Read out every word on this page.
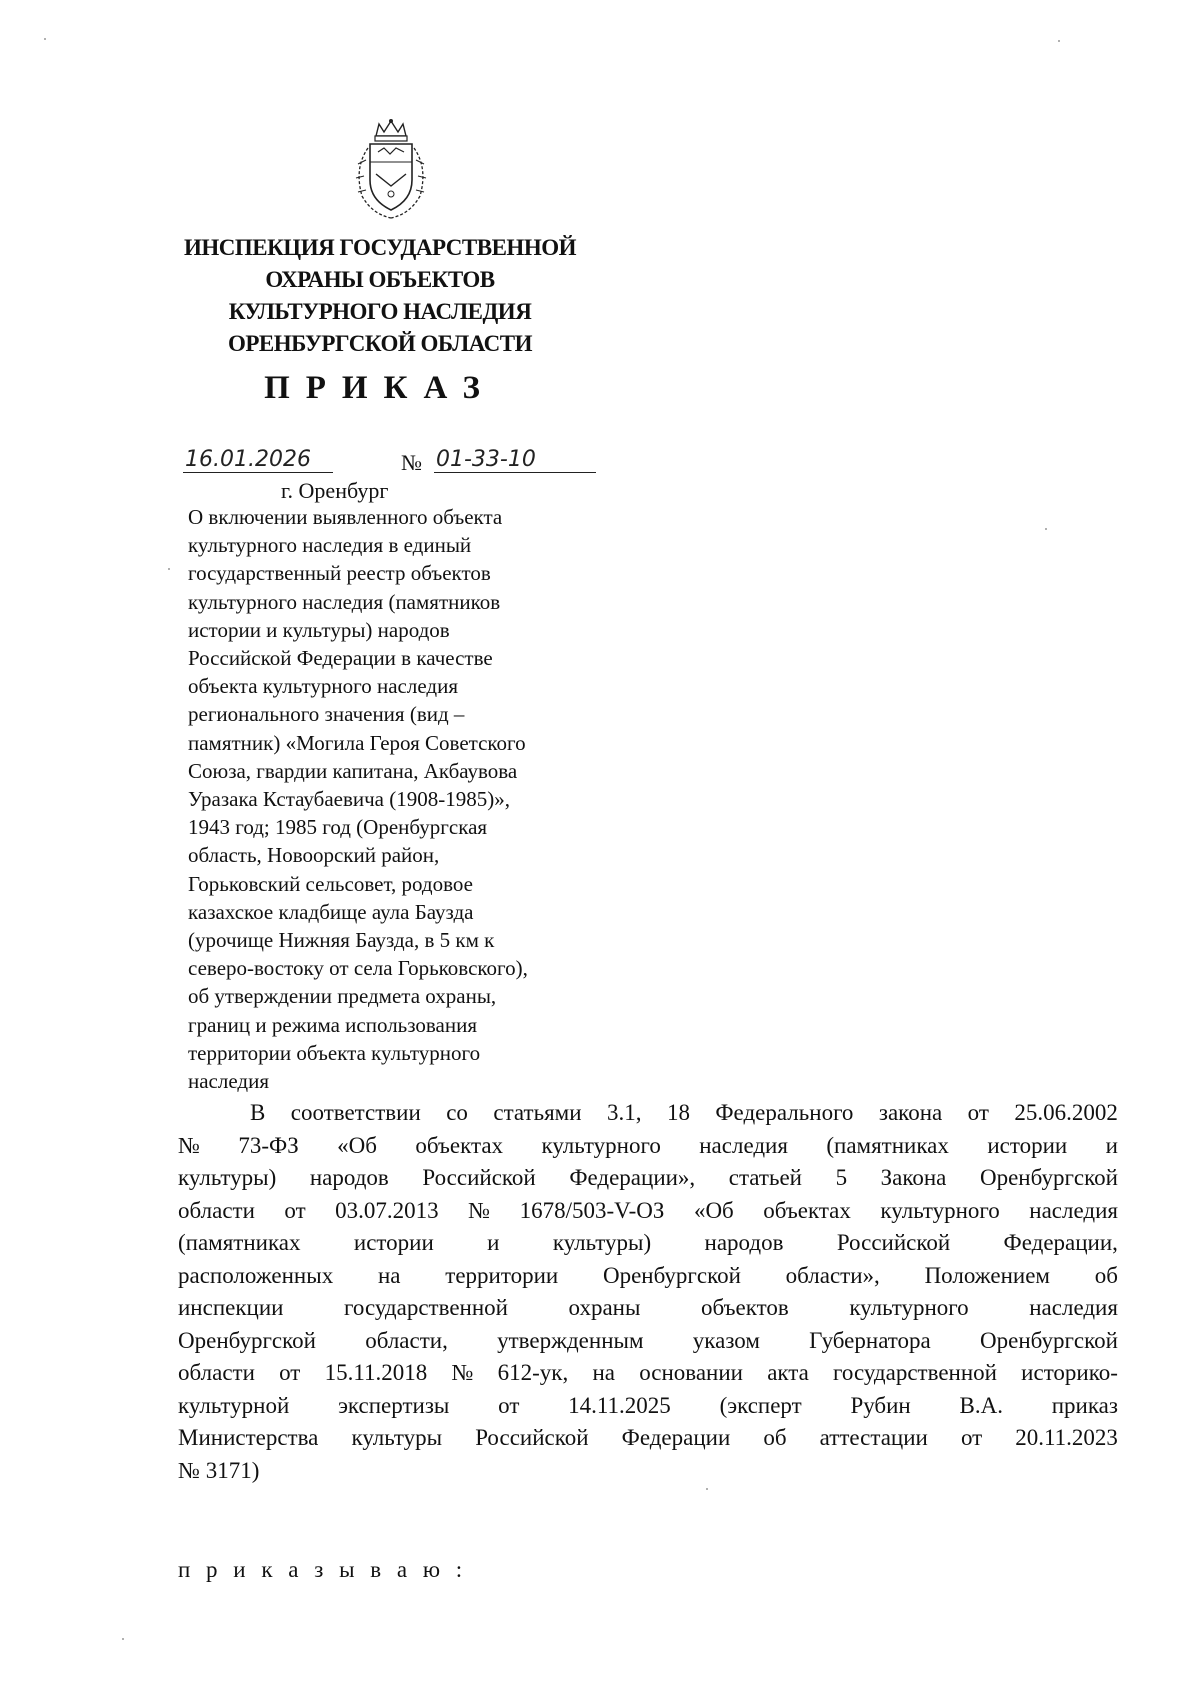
ИНСПЕКЦИЯ ГОСУДАРСТВЕННОЙ
ОХРАНЫ ОБЪЕКТОВ
КУЛЬТУРНОГО НАСЛЕДИЯ
ОРЕНБУРГСКОЙ ОБЛАСТИ
ПРИКАЗ
16.01.2026	№ 01-33-10
г. Оренбург
О включении выявленного объекта
культурного наследия в единый
государственный реестр объектов
культурного наследия (памятников
истории и культуры) народов
Российской Федерации в качестве
объекта культурного наследия
регионального значения (вид –
памятник) «Могила Героя Советского
Союза, гвардии капитана, Акбаувова
Уразака Кстаубаевича (1908-1985)»,
1943 год; 1985 год (Оренбургская
область, Новоорский район,
Горьковский сельсовет, родовое
казахское кладбище аула Баузда
(урочище Нижняя Баузда, в 5 км к
северо-востоку от села Горьковского),
об утверждении предмета охраны,
границ и режима использования
территории объекта культурного
наследия
В соответствии со статьями 3.1, 18 Федерального закона от 25.06.2002
№ 73-ФЗ «Об объектах культурного наследия (памятниках истории и
культуры) народов Российской Федерации», статьей 5 Закона Оренбургской
области от 03.07.2013 № 1678/503-V-ОЗ «Об объектах культурного наследия
(памятниках истории и культуры) народов Российской Федерации,
расположенных на территории Оренбургской области», Положением об
инспекции	государственной	охраны	объектов	культурного	наследия
Оренбургской области, утвержденным указом Губернатора Оренбургской
области от 15.11.2018 № 612-ук, на основании акта государственной историко-
культурной экспертизы от 14.11.2025 (эксперт Рубин В.А. приказ
Министерства культуры Российской Федерации об аттестации от 20.11.2023
№ 3171)
п р и к а з ы в а ю :
